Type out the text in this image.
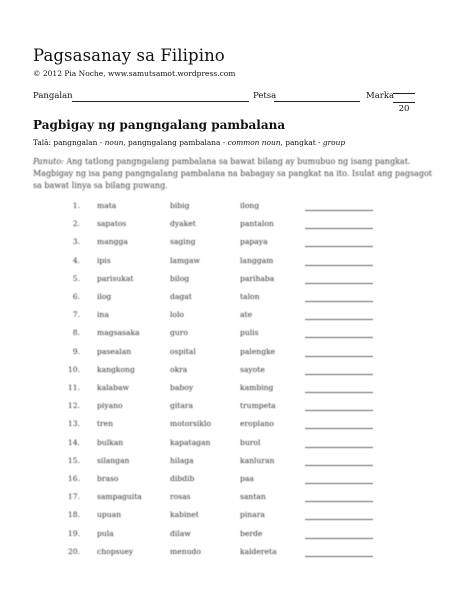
Pagsasanay sa Filipino
© 2012 Pia Noche, www.samutsamot.wordpress.com
Pangalan	Petsa	Marka
20
Pagbigay ng pangngalang pambalana
Talâ: pangngalan - noun, pangngalang pambalana - common noun, pangkat - group
Panuto: Ang tatlong pangngalang pambalana sa bawat bilang ay bumubuo ng isang pangkat. Magbigay ng isa pang pangngalang pambalana na babagay sa pangkat na ito. Isulat ang pagsagot sa bawat linya sa bilang puwang.
1. mata	bibig	ilong
2. sapatos	dyaket	pantalon
3. mangga	saging	papaya
4. ipis	lamgaw	langgam
5. parisukat	bilog	parihaba
6. ilog	dagat	talon
7. ina	lolo	ate
8. magsasaka	guro	pulis
9. pasealan	ospital	palengke
10. kangkong	okra	sayote
11. kalabaw	baboy	kambing
12. piyano	gitara	trumpeta
13. tren	motorsiklo	eroplano
14. bulkan	kapatagan	burol
15. silangan	hilaga	kanluran
16. braso	dibdib	paa
17. sampaguita	rosas	santan
18. upuan	kabinet	pinara
19. pula	dilaw	berde
20. chopsuey	menudo	kaldereta
